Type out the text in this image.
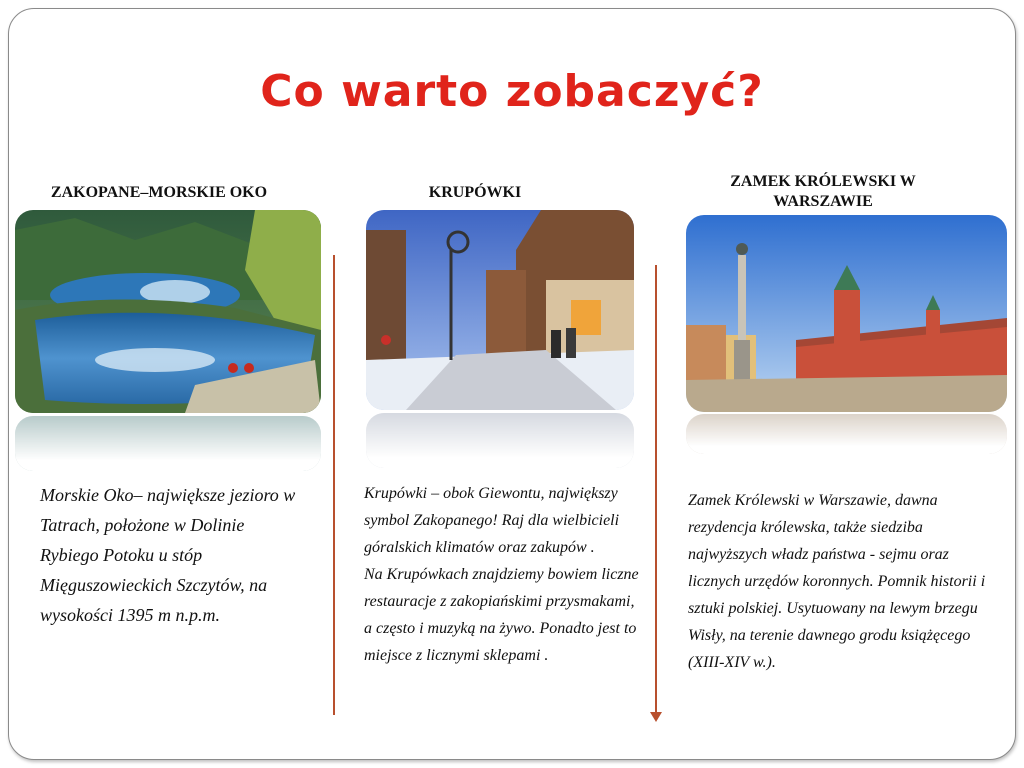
Co warto zobaczyć?
ZAKOPANE–MORSKIE OKO	KRUPÓWKI
ZAMEK KRÓLEWSKI W WARSZAWIE
Morskie Oko– największe jezioro w Tatrach, położone w Dolinie Rybiego Potoku u stóp Mięguszowieckich Szczytów, na wysokości 1395 m n.p.m.
Krupówki – obok Giewontu, największy symbol Zakopanego! Raj dla wielbicieli góralskich klimatów oraz zakupów .
Na Krupówkach znajdziemy bowiem liczne restauracje z zakopiańskimi przysmakami, a często i muzyką na żywo. Ponadto jest to miejsce z licznymi sklepami .
Zamek Królewski w Warszawie, dawna rezydencja królewska, także siedziba najwyższych władz państwa - sejmu oraz licznych urzędów koronnych. Pomnik historii i sztuki polskiej. Usytuowany na lewym brzegu Wisły, na terenie dawnego grodu książęcego (XIII-XIV w.).
